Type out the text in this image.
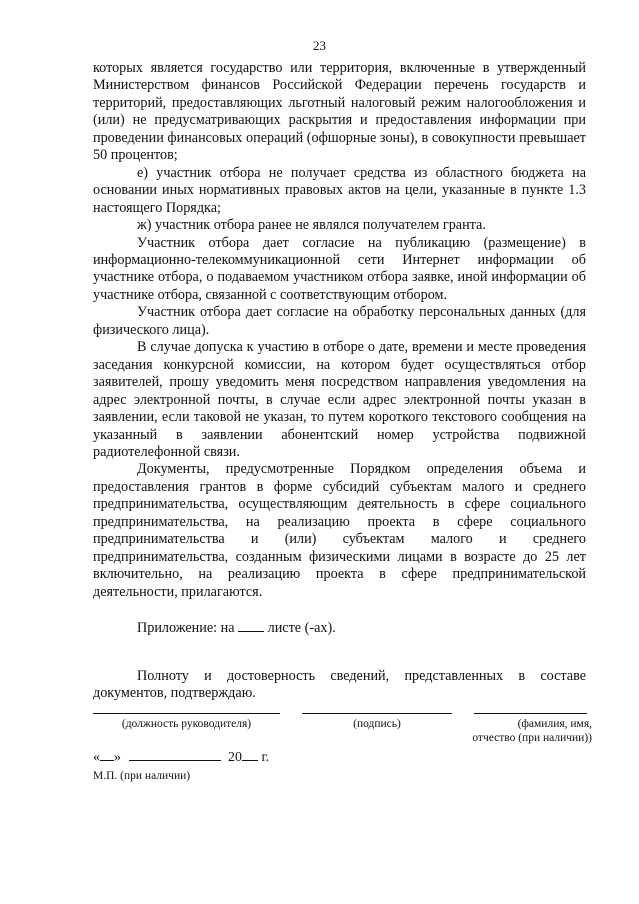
23

которых является государство или территория, включенные в утвержденный Министерством финансов Российской Федерации перечень государств и территорий, предоставляющих льготный налоговый режим налогообложения и (или) не предусматривающих раскрытия и предоставления информации при проведении финансовых операций (офшорные зоны), в совокупности превышает 50 процентов;

е) участник отбора не получает средства из областного бюджета на основании иных нормативных правовых актов на цели, указанные в пункте 1.3 настоящего Порядка;

ж) участник отбора ранее не являлся получателем гранта.

Участник отбора дает согласие на публикацию (размещение) в информационно-телекоммуникационной сети Интернет информации об участнике отбора, о подаваемом участником отбора заявке, иной информации об участнике отбора, связанной с соответствующим отбором.

Участник отбора дает согласие на обработку персональных данных (для физического лица).

В случае допуска к участию в отборе о дате, времени и месте проведения заседания конкурсной комиссии, на котором будет осуществляться отбор заявителей, прошу уведомить меня посредством направления уведомления на адрес электронной почты, в случае если адрес электронной почты указан в заявлении, если таковой не указан, то путем короткого текстового сообщения на указанный в заявлении абонентский номер устройства подвижной радиотелефонной связи.

Документы, предусмотренные Порядком определения объема и предоставления грантов в форме субсидий субъектам малого и среднего предпринимательства, осуществляющим деятельность в сфере социального предпринимательства, на реализацию проекта в сфере социального предпринимательства и (или) субъектам малого и среднего предпринимательства, созданным физическими лицами в возрасте до 25 лет включительно, на реализацию проекта в сфере предпринимательской деятельности, прилагаются.

Приложение: на листе (-ах).

Полноту и достоверность сведений, представленных в составе документов, подтверждаю.

(должность руководителя)	(подпись)	(фамилия, имя,
отчество (при наличии))
« »	20 г.
М.П. (при наличии)
